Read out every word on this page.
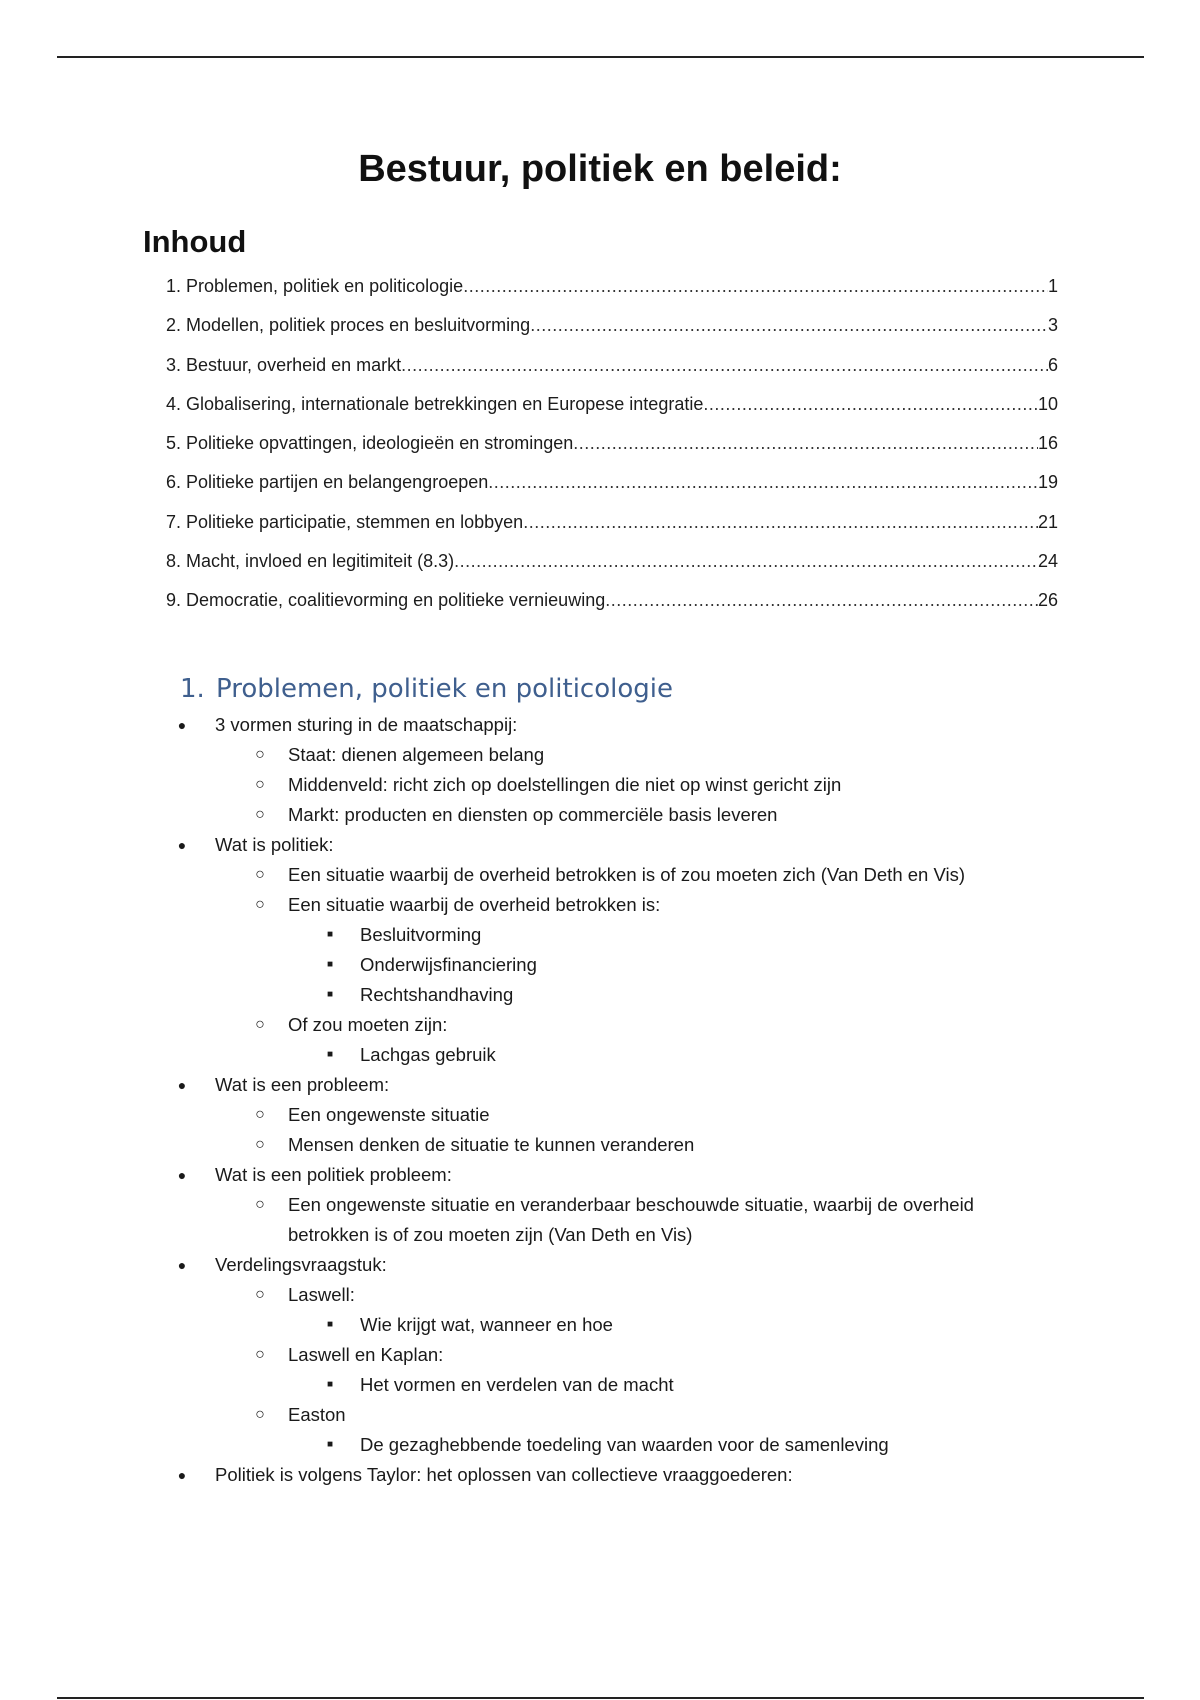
Bestuur, politiek en beleid:
Inhoud
1. Problemen, politiek en politicologie .....	1
2. Modellen, politiek proces en besluitvorming .....	3
3. Bestuur, overheid en markt .....	6
4. Globalisering, internationale betrekkingen en Europese integratie .....	10
5. Politieke opvattingen, ideologieën en stromingen .....	16
6. Politieke partijen en belangengroepen .....	19
7. Politieke participatie, stemmen en lobbyen .....	21
8. Macht, invloed en legitimiteit (8.3) .....	24
9. Democratie, coalitievorming en politieke vernieuwing .....	26
1. Problemen, politiek en politicologie
●	3 vormen sturing in de maatschappij:
○ Staat: dienen algemeen belang
○ Middenveld: richt zich op doelstellingen die niet op winst gericht zijn
○ Markt: producten en diensten op commerciële basis leveren
●	Wat is politiek:
○ Een situatie waarbij de overheid betrokken is of zou moeten zich (Van Deth en Vis)
○ Een situatie waarbij de overheid betrokken is:
■	Besluitvorming
■	Onderwijsfinanciering
■	Rechtshandhaving
○ Of zou moeten zijn:
■	Lachgas gebruik
●	Wat is een probleem:
○ Een ongewenste situatie
○ Mensen denken de situatie te kunnen veranderen
●	Wat is een politiek probleem:
○ Een ongewenste situatie en veranderbaar beschouwde situatie, waarbij de overheid betrokken is of zou moeten zijn (Van Deth en Vis)
●	Verdelingsvraagstuk:
○ Laswell:
■	Wie krijgt wat, wanneer en hoe
○ Laswell en Kaplan:
■	Het vormen en verdelen van de macht
○ Easton
■	De gezaghebbende toedeling van waarden voor de samenleving
●	Politiek is volgens Taylor: het oplossen van collectieve vraaggoederen:
